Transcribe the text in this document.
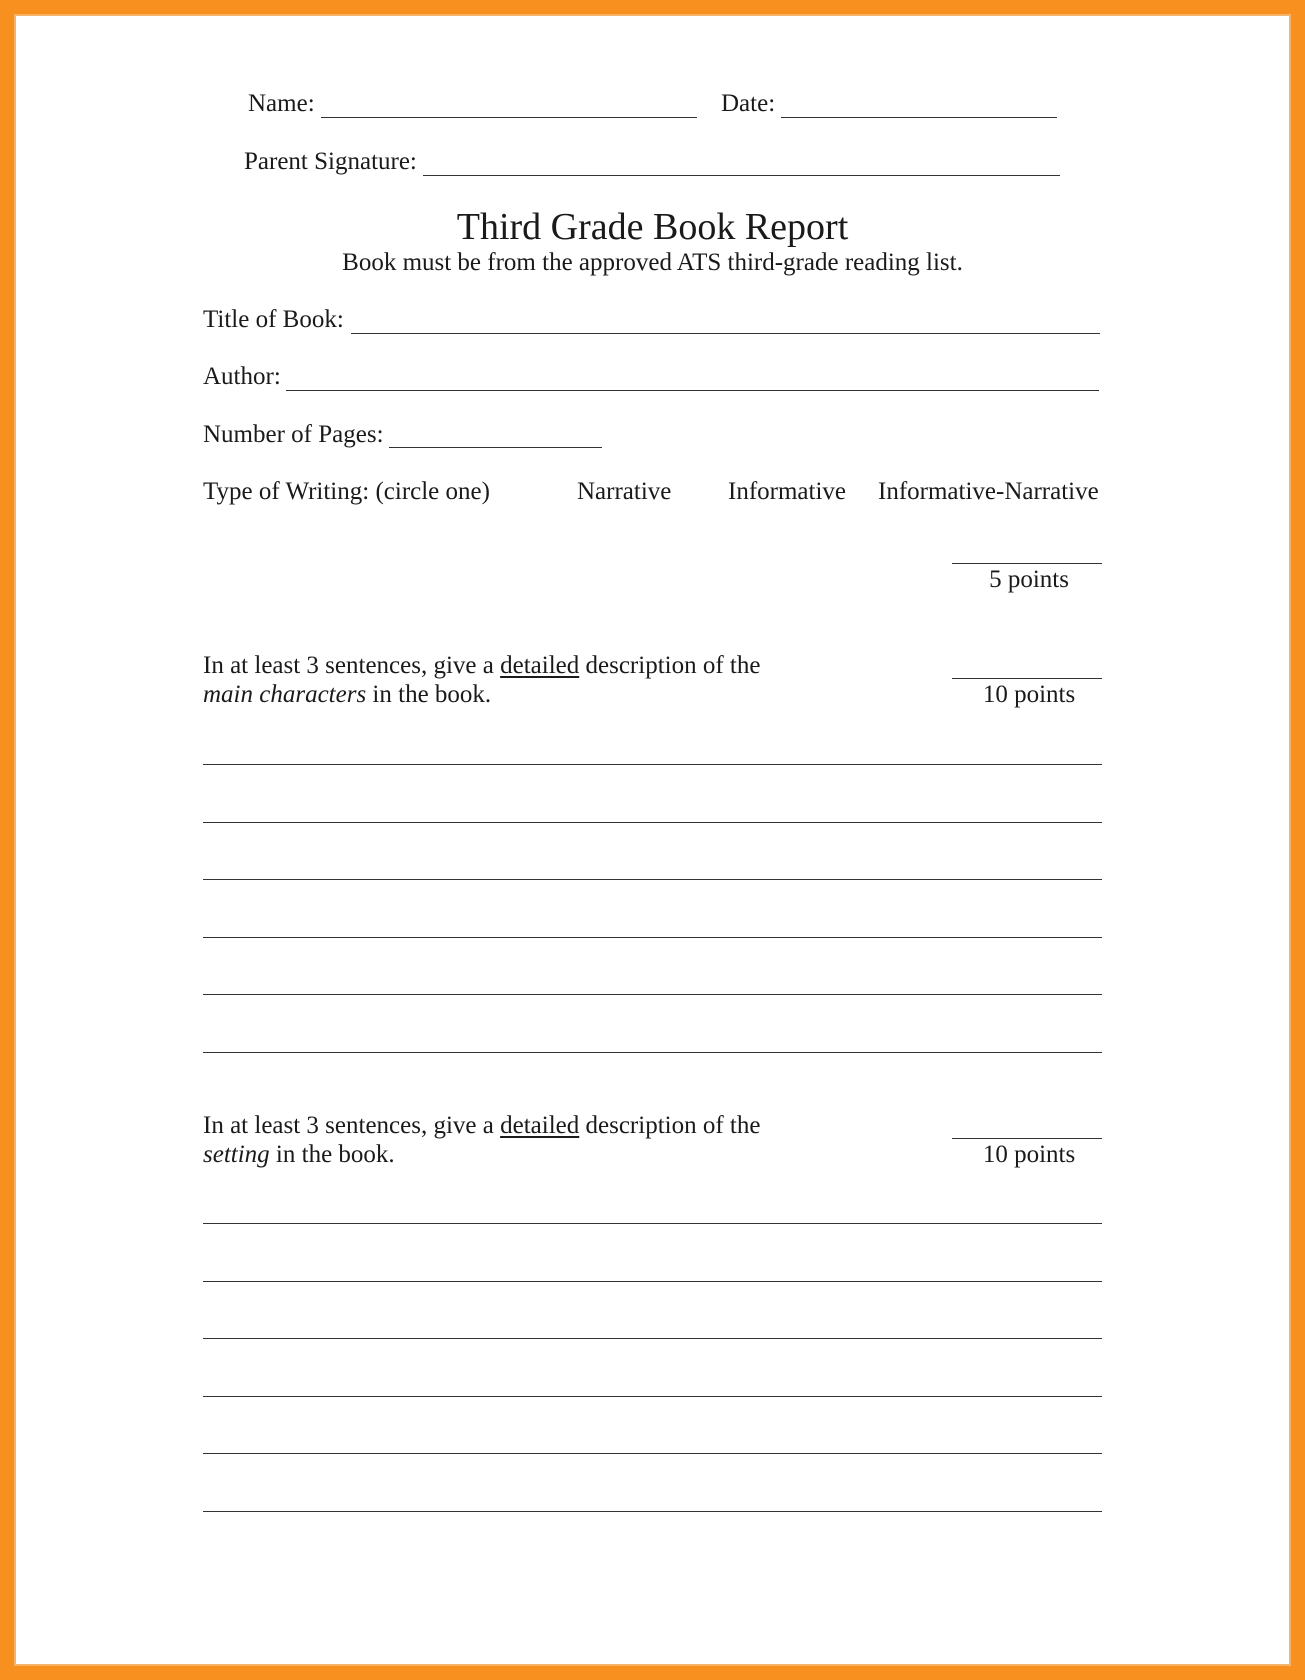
Name:	Date:
Parent Signature:
Third Grade Book Report
Book must be from the approved ATS third-grade reading list.
Title of Book:
Author:
Number of Pages:
Type of Writing: (circle one)	Narrative Informative Informative-Narrative
5 points
In at least 3 sentences, give a detailed description of the
main characters in the book.	10 points
In at least 3 sentences, give a detailed description of the
setting in the book.	10 points
